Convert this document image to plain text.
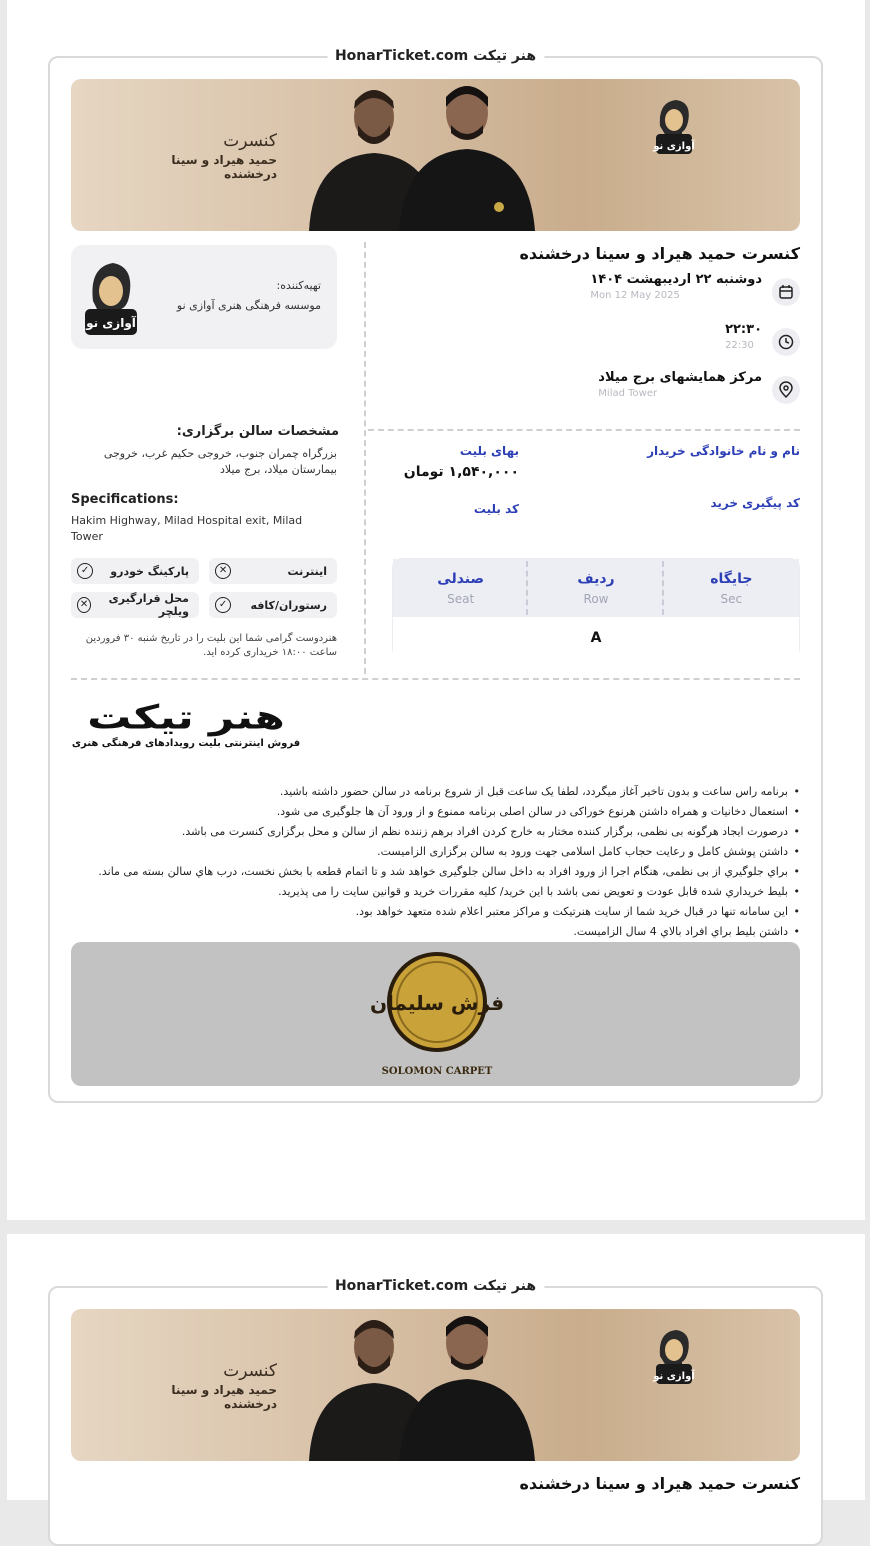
هنر تیکت HonarTicket.com
کنسرت
حمید هیراد و سینا درخشنده
آوازی نو
آوازی نو
تهیه‌کننده:
موسسه فرهنگی هنری آوازی نو
کنسرت حمید هیراد و سینا درخشنده
دوشنبه ۲۲ اردیبهشت ۱۴۰۴
Mon 12 May 2025
۲۲:۳۰
22:30
مرکز همایشهای برج میلاد
Milad Tower
نام و نام خانوادگی خریدار
بهای بلیت
۱,۵۴۰,۰۰۰ تومان
کد پیگیری خرید
کد بلیت
جایگاه
Sec
ردیف
Row
صندلی
Seat
A
مشخصات سالن برگزاری:
بزرگراه چمران جنوب، خروجی حکیم غرب، خروجی بیمارستان میلاد، برج میلاد
Specifications:
Hakim Highway, Milad Hospital exit, Milad Tower
اینترنت
✕
پارکینگ خودرو
✓
رستوران/کافه
✓
محل قرارگیری ویلچر
✕
هنردوست گرامی شما این بلیت را در تاریخ شنبه ۳۰ فروردین ساعت ۱۸:۰۰ خریداری کرده اید.
هنر تیکت
فروش اینترنتی بلیت رویدادهای فرهنگی هنری
• برنامه راس ساعت و بدون تاخیر آغاز میگردد، لطفا یک ساعت قبل از شروع برنامه در سالن حضور داشته باشید.
• استعمال دخانیات و همراه داشتن هرنوع خوراکی در سالن اصلی برنامه ممنوع و از ورود آن ها جلوگیری می شود.
• درصورت ایجاد هرگونه بی نظمی، برگزار کننده مختار به خارج کردن افراد برهم زننده نظم از سالن و محل برگزاری کنسرت می باشد.
• داشتن پوشش کامل و رعایت حجاب کامل اسلامی جهت ورود به سالن برگزاری الزامیست.
• براي جلوگيري از بی نظمی، هنگام اجرا از ورود افراد به داخل سالن جلوگیری خواهد شد و تا اتمام قطعه با بخش نخست، درب هاي سالن بسته می ماند.
• بلیط خریداري شده قابل عودت و تعویض نمی باشد با این خرید/ کلیه مقررات خرید و قوانین سایت را می پذیرید.
• این سامانه تنها در قبال خرید شما از سایت هنرتیکت و مراکز معتبر اعلام شده متعهد خواهد بود.
• داشتن بلیط براي افراد بالاي 4 سال الزامیست.
فرش سلیمان
SOLOMON CARPET
هنر تیکت HonarTicket.com
کنسرت
حمید هیراد و سینا درخشنده
آوازی نو
کنسرت حمید هیراد و سینا درخشنده
